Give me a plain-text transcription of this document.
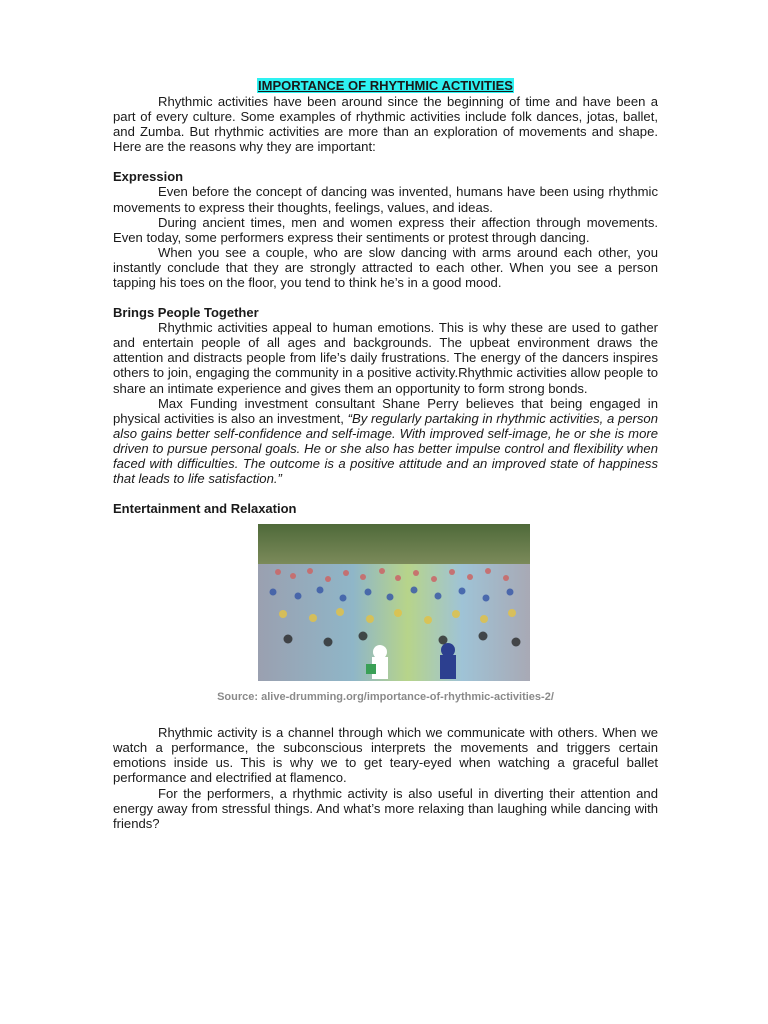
IMPORTANCE OF RHYTHMIC ACTIVITIES

Rhythmic activities have been around since the beginning of time and have been a part of every culture. Some examples of rhythmic activities include folk dances, jotas, ballet, and Zumba. But rhythmic activities are more than an exploration of movements and shape. Here are the reasons why they are important:

Expression

Even before the concept of dancing was invented, humans have been using rhythmic movements to express their thoughts, feelings, values, and ideas.

During ancient times, men and women express their affection through movements. Even today, some performers express their sentiments or protest through dancing.

When you see a couple, who are slow dancing with arms around each other, you instantly conclude that they are strongly attracted to each other. When you see a person tapping his toes on the floor, you tend to think he’s in a good mood.

Brings People Together

Rhythmic activities appeal to human emotions. This is why these are used to gather and entertain people of all ages and backgrounds. The upbeat environment draws the attention and distracts people from life’s daily frustrations. The energy of the dancers inspires others to join, engaging the community in a positive activity.Rhythmic activities allow people to share an intimate experience and gives them an opportunity to form strong bonds.

Max Funding investment consultant Shane Perry believes that being engaged in physical activities is also an investment, “By regularly partaking in rhythmic activities, a person also gains better self-confidence and self-image. With improved self-image, he or she is more driven to pursue personal goals. He or she also has better impulse control and flexibility when faced with difficulties. The outcome is a positive attitude and an improved state of happiness that leads to life satisfaction.”

Entertainment and Relaxation
Source: alive-drumming.org/importance-of-rhythmic-activities-2/

Rhythmic activity is a channel through which we communicate with others. When we watch a performance, the subconscious interprets the movements and triggers certain emotions inside us. This is why we to get teary-eyed when watching a graceful ballet performance and electrified at flamenco.

For the performers, a rhythmic activity is also useful in diverting their attention and energy away from stressful things. And what’s more relaxing than laughing while dancing with friends?
